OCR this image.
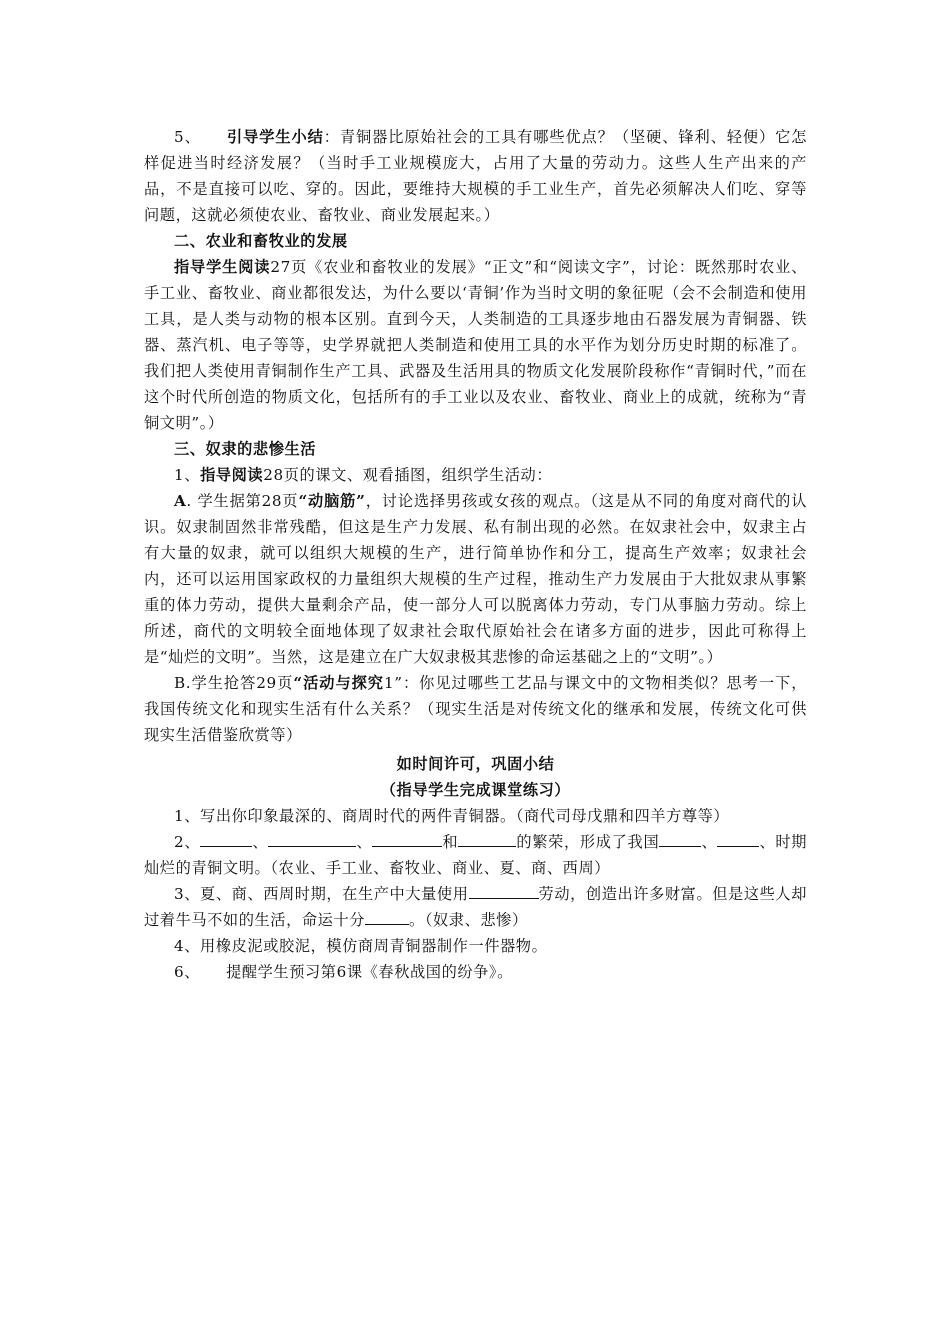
5、 引导学生小结：青铜器比原始社会的工具有哪些优点？（坚硬、锋利、轻便）它怎样促进当时经济发展？（当时手工业规模庞大，占用了大量的劳动力。这些人生产出来的产品，不是直接可以吃、穿的。因此，要维持大规模的手工业生产，首先必须解决人们吃、穿等问题，这就必须使农业、畜牧业、商业发展起来。）

二、农业和畜牧业的发展

指导学生阅读27页《农业和畜牧业的发展》“正文”和“阅读文字”，讨论：既然那时农业、手工业、畜牧业、商业都很发达，为什么要以‘青铜’作为当时文明的象征呢（会不会制造和使用工具，是人类与动物的根本区别。直到今天，人类制造的工具逐步地由石器发展为青铜器、铁器、蒸汽机、电子等等，史学界就把人类制造和使用工具的水平作为划分历史时期的标准了。我们把人类使用青铜制作生产工具、武器及生活用具的物质文化发展阶段称作“青铜时代，”而在这个时代所创造的物质文化，包括所有的手工业以及农业、畜牧业、商业上的成就，统称为“青铜文明”。）

三、奴隶的悲惨生活

1、指导阅读28页的课文、观看插图，组织学生活动：

A. 学生据第28页“动脑筋”，讨论选择男孩或女孩的观点。（这是从不同的角度对商代的认识。奴隶制固然非常残酷，但这是生产力发展、私有制出现的必然。在奴隶社会中，奴隶主占有大量的奴隶，就可以组织大规模的生产，进行简单协作和分工，提高生产效率；奴隶社会内，还可以运用国家政权的力量组织大规模的生产过程，推动生产力发展由于大批奴隶从事繁重的体力劳动，提供大量剩余产品，使一部分人可以脱离体力劳动，专门从事脑力劳动。综上所述，商代的文明较全面地体现了奴隶社会取代原始社会在诸多方面的进步，因此可称得上是“灿烂的文明”。当然，这是建立在广大奴隶极其悲惨的命运基础之上的“文明”。）

B.学生抢答29页“活动与探究1”：你见过哪些工艺品与课文中的文物相类似？思考一下，我国传统文化和现实生活有什么关系？（现实生活是对传统文化的继承和发展，传统文化可供现实生活借鉴欣赏等）

如时间许可，巩固小结

（指导学生完成课堂练习）

1、写出你印象最深的、商周时代的两件青铜器。（商代司母戊鼎和四羊方尊等）

2、	、	、	和	的繁荣，形成了我国	、	、时期灿烂的青铜文明。（农业、手工业、畜牧业、商业、夏、商、西周）

3、夏、商、西周时期，在生产中大量使用	劳动，创造出许多财富。但是这些人却过着牛马不如的生活，命运十分	。（奴隶、悲惨）

4、用橡皮泥或胶泥，模仿商周青铜器制作一件器物。

6、 提醒学生预习第6课《春秋战国的纷争》。
